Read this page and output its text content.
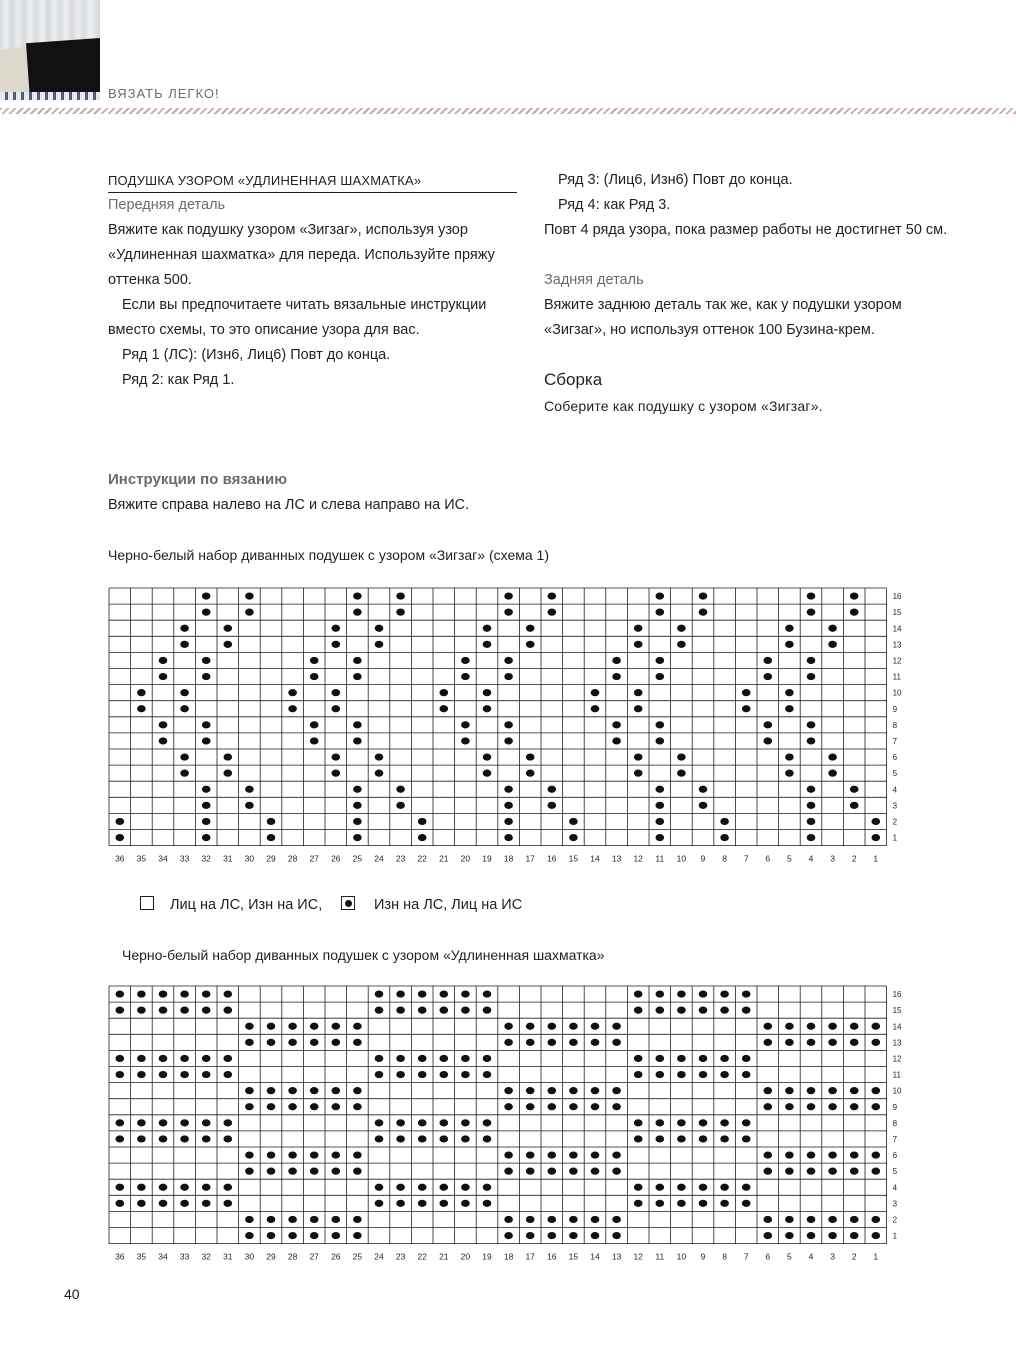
ВЯЗАТЬ ЛЕГКО!
ПОДУШКА УЗОРОМ «УДЛИНЕННАЯ ШАХМАТКА»
Передняя деталь
Вяжите как подушку узором «Зигзаг», используя узор
«Удлиненная шахматка» для переда. Используйте пряжу
оттенка 500.
Если вы предпочитаете читать вязальные инструкции
вместо схемы, то это описание узора для вас.
Ряд 1 (ЛС): (Изн6, Лиц6) Повт до конца.
Ряд 2: как Ряд 1.
Ряд 3: (Лиц6, Изн6) Повт до конца.
Ряд 4: как Ряд 3.
Повт 4 ряда узора, пока размер работы не достигнет 50 см.
Задняя деталь
Вяжите заднюю деталь так же, как у подушки узором
«Зигзаг», но используя оттенок 100 Бузина-крем.
Сборка
Соберите как подушку с узором «Зигзаг».
Инструкции по вязанию
Вяжите справа налево на ЛС и слева направо на ИС.
Черно-белый набор диванных подушек с узором «Зигзаг» (схема 1)
36 35 34 33 32 31 30 29 28 27 26 25 24 23 22 21 20 19 18 17 16 15 14 13 12 11 10 9 8 7 6 5 4 3 2 1
1
2
3
4
5
6
7
8
9
10
11
12
13
14
15
16
Лиц на ЛС, Изн на ИС,	Изн на ЛС, Лиц на ИС
Черно-белый набор диванных подушек с узором «Удлиненная шахматка»
36 35 34 33 32 31 30 29 28 27 26 25 24 23 22 21 20 19 18 17 16 15 14 13 12 11 10 9 8 7 6 5 4 3 2 1
1
2
3
4
5
6
7
8
9
10
11
12
13
14
15
16
40
